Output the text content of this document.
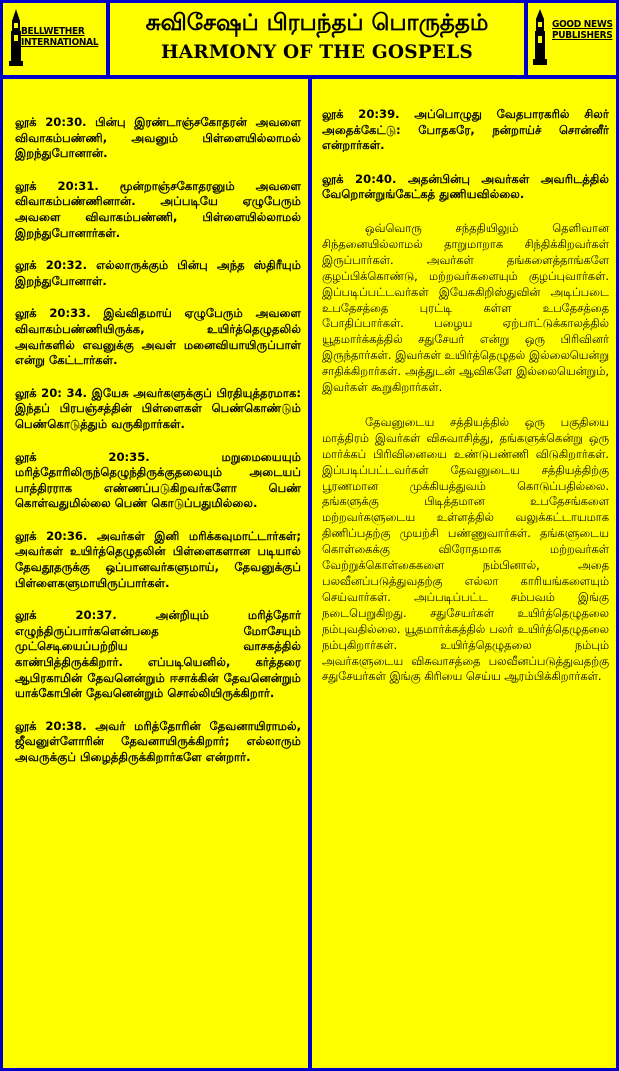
BELLWETHER
INTERNATIONAL
சுவிசேஷப் பிரபந்தப் பொருத்தம்
HARMONY OF THE GOSPELS
GOOD NEWS
PUBLISHERS

லூக் 20:30. பின்பு இரண்டாஞ்சகோதரன் அவளை விவாகம்பண்ணி, அவனும் பிள்ளையில்லாமல் இறந்துபோனான்.

லூக் 20:31. மூன்றாஞ்சகோதரனும் அவளை விவாகம்பண்ணினான். அப்படியே ஏழுபேரும் அவளை விவாகம்பண்ணி, பிள்ளையில்லாமல் இறந்துபோனார்கள்.

லூக் 20:32. எல்லாருக்கும் பின்பு அந்த ஸ்திரீயும் இறந்துபோனாள்.

லூக் 20:33. இவ்விதமாய் ஏழுபேரும் அவளை விவாகம்பண்ணியிருக்க, உயிர்த்தெழுதலில் அவர்களில் எவனுக்கு அவள் மனைவியாயிருப்பாள் என்று கேட்டார்கள்.

லூக் 20: 34. இயேசு அவர்களுக்குப் பிரதியுத்தரமாக: இந்தப் பிரபஞ்சத்தின் பிள்ளைகள் பெண்கொண்டும் பெண்கொடுத்தும் வருகிறார்கள்.

லூக் 20:35. மறுமையையும் மரித்தோரிலிருந்தெழுந்திருக்குதலையும் அடையப் பாத்திரராக எண்ணப்படுகிறவர்களோ பெண் கொள்வதுமில்லை பெண் கொடுப்பதுமில்லை.

லூக் 20:36. அவர்கள் இனி மரிக்கவுமாட்டார்கள்; அவர்கள் உயிர்த்தெழுதலின் பிள்ளைகளான படியால் தேவதூதருக்கு ஒப்பானவர்களுமாய், தேவனுக்குப் பிள்ளைகளுமாயிருப்பார்கள்.

லூக் 20:37. அன்றியும் மரித்தோர் எழுந்திருப்பார்களென்பதை மோசேயும் முட்செடியைப்பற்றிய வாசகத்தில் காண்பித்திருக்கிறார். எப்படியெனில், கர்த்தரை ஆபிரகாமின் தேவனென்றும் ஈசாக்கின் தேவனென்றும் யாக்கோபின் தேவனென்றும் சொல்லியிருக்கிறார்.

லூக் 20:38. அவர் மரித்தோரின் தேவனாயிராமல், ஜீவனுள்ளோரின் தேவனாயிருக்கிறார்; எல்லாரும் அவருக்குப் பிழைத்திருக்கிறார்களே என்றார்.

லூக் 20:39. அப்பொழுது வேதபாரகரில் சிலர் அதைக்கேட்டு: போதகரே, நன்றாய்ச் சொன்னீர் என்றார்கள்.

லூக் 20:40. அதன்பின்பு அவர்கள் அவரிடத்தில் வேறொன்றுங்கேட்கத் துணியவில்லை.

ஒவ்வொரு சந்ததியிலும் தெளிவான சிந்தனையில்லாமல் தாறுமாறாக சிந்திக்கிறவர்கள் இருப்பார்கள். அவர்கள் தங்களைத்தாங்களே குழப்பிக்கொண்டு, மற்றவர்களையும் குழப்புவார்கள். இப்படிப்பட்டவர்கள் இயேசுகிறிஸ்துவின் அடிப்படை உபதேசத்தை புரட்டி கள்ள உபதேசத்தை போதிப்பார்கள். பழைய ஏற்பாட்டுக்காலத்தில் யூதமார்க்கத்தில் சதுசேயர் என்று ஒரு பிரிவினர் இருந்தார்கள். இவர்கள் உயிர்த்தெழுதல் இல்லையென்று சாதிக்கிறார்கள். அத்துடன் ஆவிகளே இல்லையென்றும், இவர்கள் கூறுகிறார்கள்.

தேவனுடைய சத்தியத்தில் ஒரு பகுதியை மாத்திரம் இவர்கள் விசுவாசித்து, தங்களுக்கென்று ஒரு மார்க்கப் பிரிவினையை உண்டுபண்ணி விடுகிறார்கள். இப்படிப்பட்டவர்கள் தேவனுடைய சத்தியத்திற்கு பூரணமான முக்கியத்துவம் கொடுப்பதில்லை. தங்களுக்கு பிடித்தமான உபதேசங்களை மற்றவர்களுடைய உள்ளத்தில் வலுக்கட்டாயமாக திணிப்பதற்கு முயற்சி பண்ணுவார்கள். தங்களுடைய கொள்கைக்கு விரோதமாக மற்றவர்கள் வேற்றுக்கொள்கைகளை நம்பினால், அதை பலவீனப்படுத்துவதற்கு எல்லா காரியங்களையும் செய்வார்கள். அப்படிப்பட்ட சம்பவம் இங்கு நடைபெறுகிறது. சதுசேயர்கள் உயிர்த்தெழுதலை நம்புவதில்லை. யூதமார்க்கத்தில் பலர் உயிர்த்தெழுதலை நம்புகிறார்கள். உயிர்த்தெழுதலை நம்பும் அவர்களுடைய விசுவாசத்தை பலவீனப்படுத்துவதற்கு சதுசேயர்கள் இங்கு கிரியை செய்ய ஆரம்பிக்கிறார்கள்.
